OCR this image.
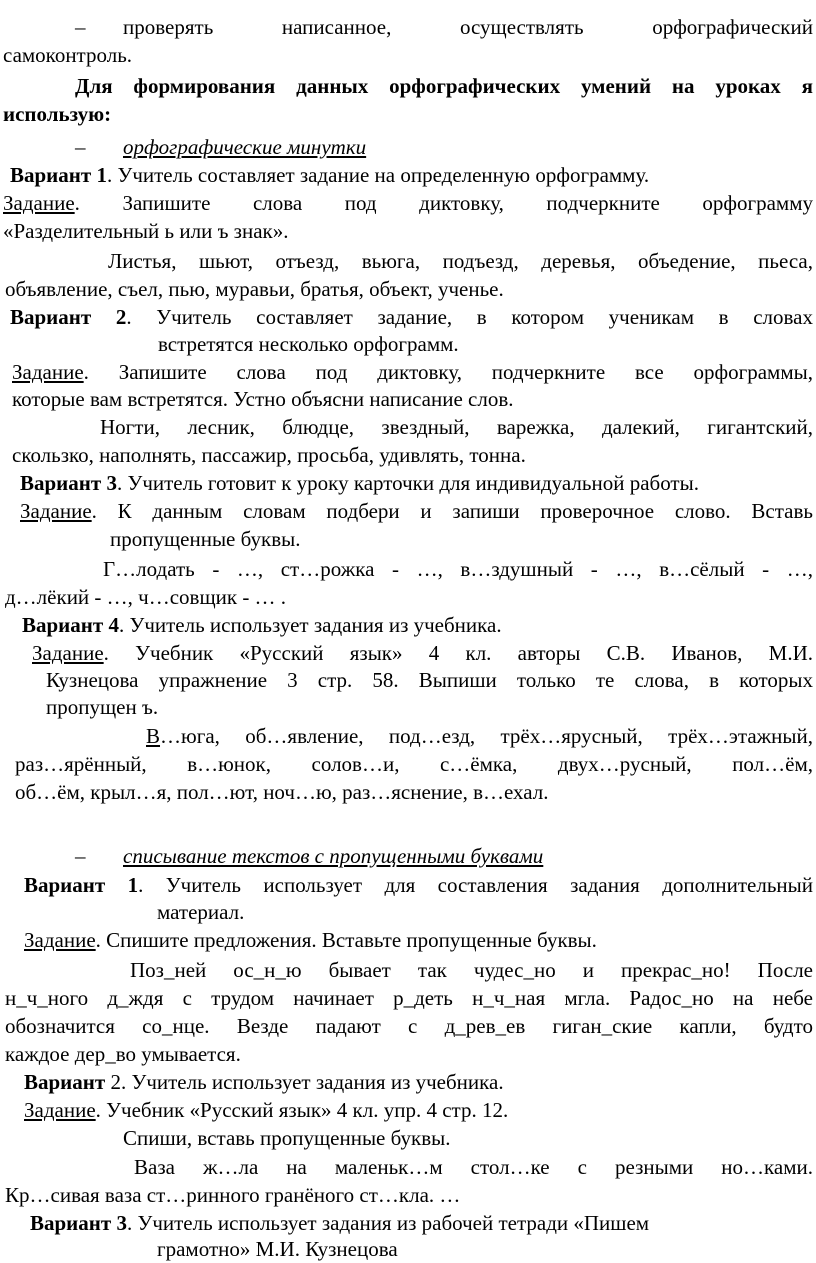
– проверять написанное, осуществлять орфографический
самоконтроль.
Для формирования данных орфографических умений на уроках я
использую:
– орфографические минутки
Вариант 1. Учитель составляет задание на определенную орфограмму.
Задание. Запишите слова под диктовку, подчеркните орфограмму
«Разделительный ь или ъ знак».
Листья, шьют, отъезд, вьюга, подъезд, деревья, объедение, пьеса,
объявление, съел, пью, муравьи, братья, объект, ученье.
Вариант 2. Учитель составляет задание, в котором ученикам в словах
встретятся несколько орфограмм.
Задание. Запишите слова под диктовку, подчеркните все орфограммы,
которые вам встретятся. Устно объясни написание слов.
Ногти, лесник, блюдце, звездный, варежка, далекий, гигантский,
скользко, наполнять, пассажир, просьба, удивлять, тонна.
Вариант 3. Учитель готовит к уроку карточки для индивидуальной работы.
Задание. К данным словам подбери и запиши проверочное слово. Вставь
пропущенные буквы.
Г…лодать - …, ст…рожка - …, в…здушный - …, в…сёлый - …,
д…лёкий - …, ч…совщик - … .
Вариант 4. Учитель использует задания из учебника.
Задание. Учебник «Русский язык» 4 кл. авторы С.В. Иванов, М.И.
Кузнецова упражнение 3 стр. 58. Выпиши только те слова, в которых
пропущен ъ.
В…юга, об…явление, под…езд, трёх…ярусный, трёх…этажный,
раз…ярённый, в…юнок, солов…и, с…ёмка, двух…русный, пол…ём,
об…ём, крыл…я, пол…ют, ноч…ю, раз…яснение, в…ехал.
– списывание текстов с пропущенными буквами
Вариант 1. Учитель использует для составления задания дополнительный
материал.
Задание. Спишите предложения. Вставьте пропущенные буквы.
Поз_ней ос_н_ю бывает так чудес_но и прекрас_но! После
н_ч_ного д_ждя с трудом начинает р_деть н_ч_ная мгла. Радос_но на небе
обозначится со_нце. Везде падают с д_рев_ев гиган_ские капли, будто
каждое дер_во умывается.
Вариант 2. Учитель использует задания из учебника.
Задание. Учебник «Русский язык» 4 кл. упр. 4 стр. 12.
Спиши, вставь пропущенные буквы.
Ваза ж…ла на маленьк…м стол…ке с резными но…ками.
Кр…сивая ваза ст…ринного гранёного ст…кла. …
Вариант 3. Учитель использует задания из рабочей тетради «Пишем
грамотно» М.И. Кузнецова
